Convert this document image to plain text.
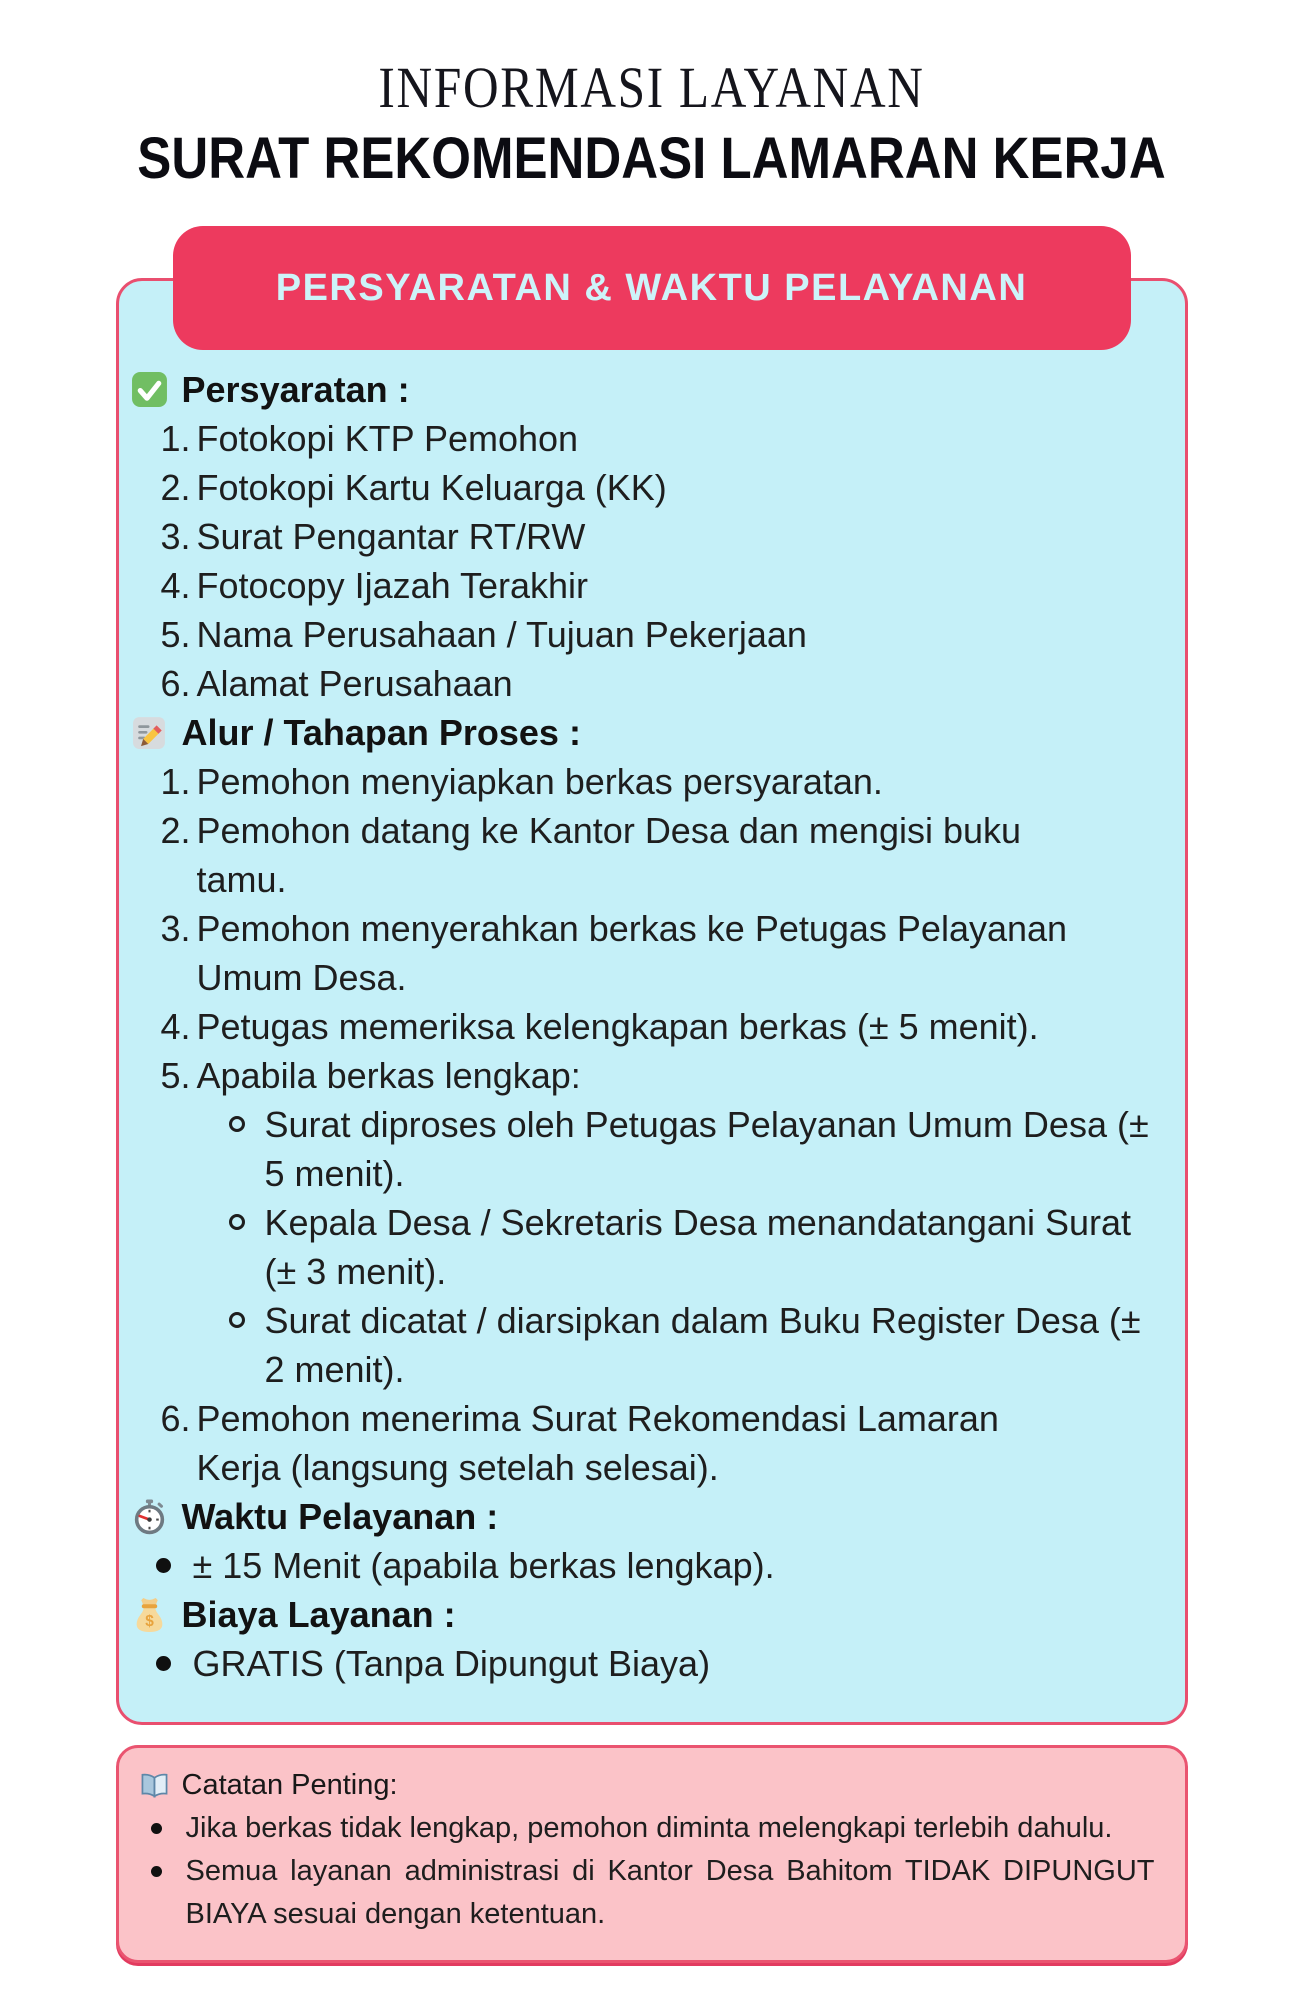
INFORMASI LAYANAN
SURAT REKOMENDASI LAMARAN KERJA
PERSYARATAN & WAKTU PELAYANAN
Persyaratan :
1. Fotokopi KTP Pemohon
2. Fotokopi Kartu Keluarga (KK)
3. Surat Pengantar RT/RW
4. Fotocopy Ijazah Terakhir
5. Nama Perusahaan / Tujuan Pekerjaan
6. Alamat Perusahaan
Alur / Tahapan Proses :
1. Pemohon menyiapkan berkas persyaratan.
2. Pemohon datang ke Kantor Desa dan mengisi buku tamu.
3. Pemohon menyerahkan berkas ke Petugas Pelayanan Umum Desa.
4. Petugas memeriksa kelengkapan berkas (± 5 menit).
5. Apabila berkas lengkap:
Surat diproses oleh Petugas Pelayanan Umum Desa (± 5 menit).
Kepala Desa / Sekretaris Desa menandatangani Surat (± 3 menit).
Surat dicatat / diarsipkan dalam Buku Register Desa (± 2 menit).
6. Pemohon menerima Surat Rekomendasi Lamaran Kerja (langsung setelah selesai).
Waktu Pelayanan :
± 15 Menit (apabila berkas lengkap).
$ Biaya Layanan :
GRATIS (Tanpa Dipungut Biaya)
Catatan Penting:
Jika berkas tidak lengkap, pemohon diminta melengkapi terlebih dahulu.
Semua layanan administrasi di Kantor Desa Bahitom TIDAK DIPUNGUT BIAYA sesuai dengan ketentuan.
